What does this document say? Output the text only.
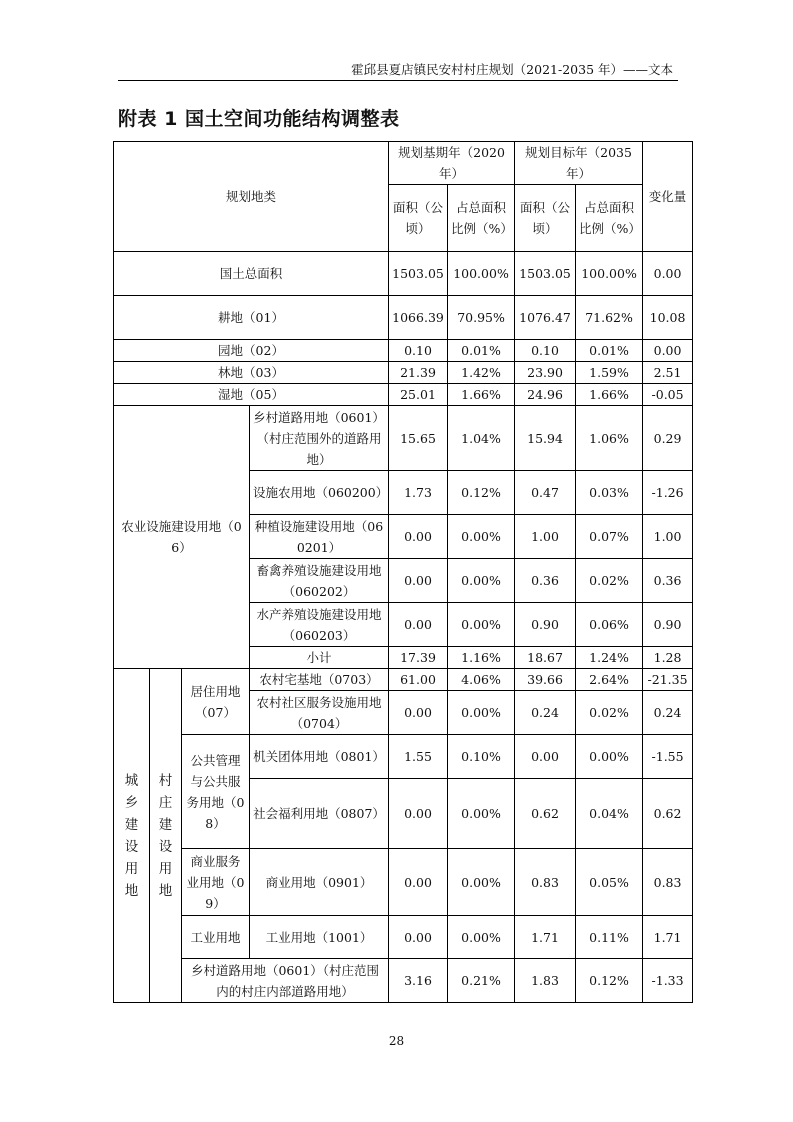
霍邱县夏店镇民安村村庄规划（2021-2035 年）——文本
附表 1 国土空间功能结构调整表
规划地类				规划基期年（2020 年）		规划目标年（2035 年）		变化量
				面积（公顷）	占总面积比例（%）	面积（公顷）	占总面积比例（%）	
国土总面积				1503.05	100.00%	1503.05	100.00%	0.00
耕地（01）				1066.39	70.95%	1076.47	71.62%	10.08
园地（02）				0.10	0.01%	0.10	0.01%	0.00
林地（03）				21.39	1.42%	23.90	1.59%	2.51
湿地（05）				25.01	1.66%	24.96	1.66%	-0.05
农业设施建设用地（06）			乡村道路用地（0601）（村庄范围外的道路用地）	15.65	1.04%	15.94	1.06%	0.29
			设施农用地（060200）	1.73	0.12%	0.47	0.03%	-1.26
			种植设施建设用地（060201）	0.00	0.00%	1.00	0.07%	1.00
			畜禽养殖设施建设用地（060202）	0.00	0.00%	0.36	0.02%	0.36
			水产养殖设施建设用地（060203）	0.00	0.00%	0.90	0.06%	0.90
			小计	17.39	1.16%	18.67	1.24%	1.28
城乡建设用地	村庄建设用地	居住用地（07）	农村宅基地（0703）	61.00	4.06%	39.66	2.64%	-21.35
			农村社区服务设施用地（0704）	0.00	0.00%	0.24	0.02%	0.24
		公共管理与公共服务用地（08）	机关团体用地（0801）	1.55	0.10%	0.00	0.00%	-1.55
			社会福利用地（0807）	0.00	0.00%	0.62	0.04%	0.62
		商业服务业用地（09）	商业用地（0901）	0.00	0.00%	0.83	0.05%	0.83
		工业用地	工业用地（1001）	0.00	0.00%	1.71	0.11%	1.71
		乡村道路用地（0601）（村庄范围内的村庄内部道路用地）		3.16	0.21%	1.83	0.12%	-1.33
28
